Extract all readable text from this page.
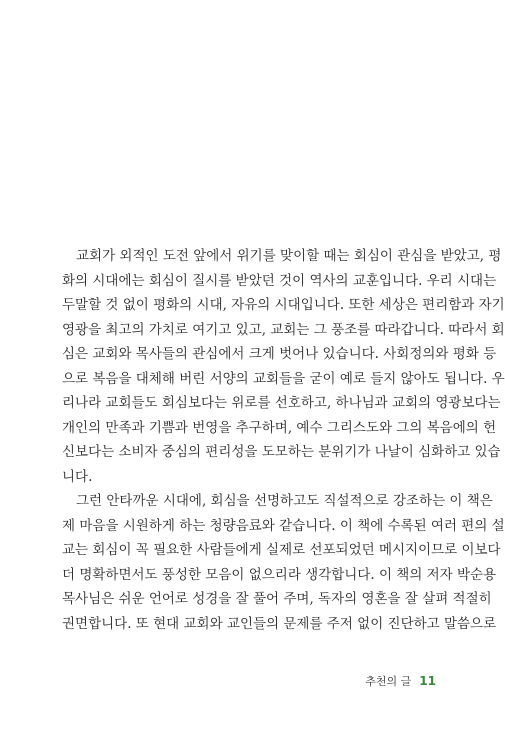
교회가 외적인 도전 앞에서 위기를 맞이할 때는 회심이 관심을 받았고, 평
화의 시대에는 회심이 질시를 받았던 것이 역사의 교훈입니다. 우리 시대는
두말할 것 없이 평화의 시대, 자유의 시대입니다. 또한 세상은 편리함과 자기
영광을 최고의 가치로 여기고 있고, 교회는 그 풍조를 따라갑니다. 따라서 회
심은 교회와 목사들의 관심에서 크게 벗어나 있습니다. 사회정의와 평화 등
으로 복음을 대체해 버린 서양의 교회들을 굳이 예로 들지 않아도 됩니다. 우
리나라 교회들도 회심보다는 위로를 선호하고, 하나님과 교회의 영광보다는
개인의 만족과 기쁨과 번영을 추구하며, 예수 그리스도와 그의 복음에의 헌
신보다는 소비자 중심의 편리성을 도모하는 분위기가 나날이 심화하고 있습
니다.
그런 안타까운 시대에, 회심을 선명하고도 직설적으로 강조하는 이 책은
제 마음을 시원하게 하는 청량음료와 같습니다. 이 책에 수록된 여러 편의 설
교는 회심이 꼭 필요한 사람들에게 실제로 선포되었던 메시지이므로 이보다
더 명확하면서도 풍성한 모음이 없으리라 생각합니다. 이 책의 저자 박순용
목사님은 쉬운 언어로 성경을 잘 풀어 주며, 독자의 영혼을 잘 살펴 적절히
권면합니다. 또 현대 교회와 교인들의 문제를 주저 없이 진단하고 말씀으로
추천의 글 11
